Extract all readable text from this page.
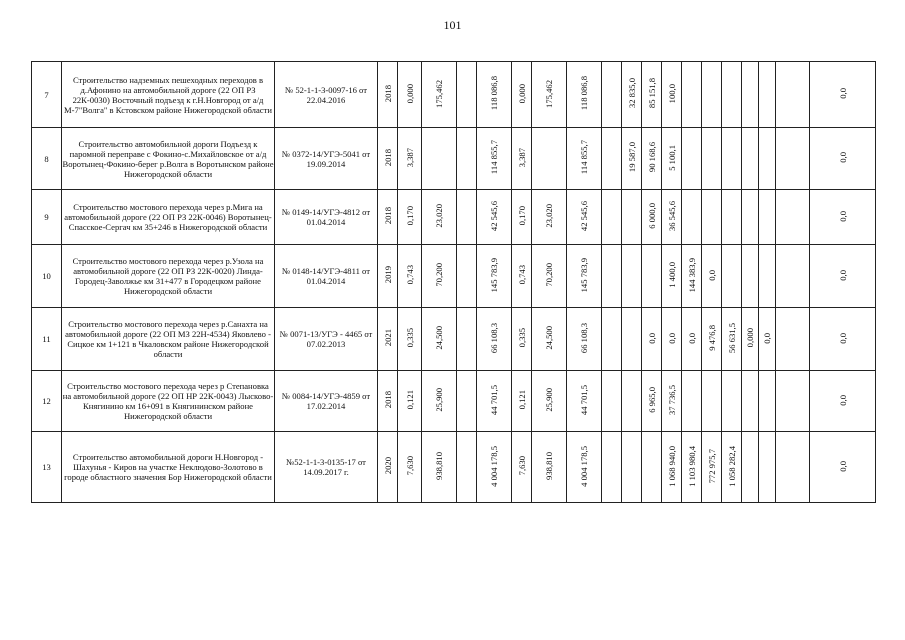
101
7	Строительство надземных пешеходных переходов в д.Афонино на автомобильной дороге (22 ОП РЗ 22К-0030) Восточный подъезд к г.Н.Новгород от а/д М-7"Волга" в Кстовском районе Нижегородской области	№ 52-1-1-3-0097-16 от 22.04.2016	2018	0,000	175,462		118 086,8	0,000	175,462	118 086,8		32 835,0	85 151,8	100,0							0,0
8	Строительство автомобильной дороги Подъезд к паромной переправе с Фокино-с.Михайловское от а/д Воротынец-Фокино-берег р.Волга в Воротынском районе Нижегородской области	№ 0372-14/УГЭ-5041 от 19.09.2014	2018	3,387			114 855,7	3,387		114 855,7		19 587,0	90 168,6	5 100,1							0,0
9	Строительство мостового перехода через р.Мига на автомобильной дороге (22 ОП РЗ 22К-0046) Воротынец-Спасское-Сергач км 35+246 в Нижегородской области	№ 0149-14/УГЭ-4812 от 01.04.2014	2018	0,170	23,020		42 545,6	0,170	23,020	42 545,6			6 000,0	36 545,6							0,0
10	Строительство мостового перехода через р.Узола на автомобильной дороге (22 ОП РЗ 22К-0020) Линда-Городец-Заволжье км 31+477 в Городецком районе Нижегородской области	№ 0148-14/УГЭ-4811 от 01.04.2014	2019	0,743	70,200		145 783,9	0,743	70,200	145 783,9				1 400,0	144 383,9	0,0					0,0
11	Строительство мостового перехода через р.Санахта на автомобильной дороге (22 ОП МЗ 22Н-4534) Яковлево - Сицкое км 1+121 в Чкаловском районе Нижегородской области	№ 0071-13/УГЭ - 4465 от 07.02.2013	2021	0,335	24,500		66 108,3	0,335	24,500	66 108,3			0,0	0,0	0,0	9 476,8	56 631,5	0,000	0,0		0,0
12	Строительство мостового перехода через р Степановка на автомобильной дороге (22 ОП НР 22К-0043) Лысково-Княгинино км 16+091 в Княгининском районе Нижегородской области	№ 0084-14/УГЭ-4859 от 17.02.2014	2018	0,121	25,900		44 701,5	0,121	25,900	44 701,5			6 965,0	37 736,5							0,0
13	Строительство автомобильной дороги Н.Новгород - Шахунья - Киров на участке Неклюдово-Золотово в городе областного значения Бор Нижегородской области	№52-1-1-3-0135-17 от 14.09.2017 г.	2020	7,630	938,810		4 004 178,5	7,630	938,810	4 004 178,5				1 068 940,0	1 103 980,4	772 975,7	1 058 282,4				0,0
